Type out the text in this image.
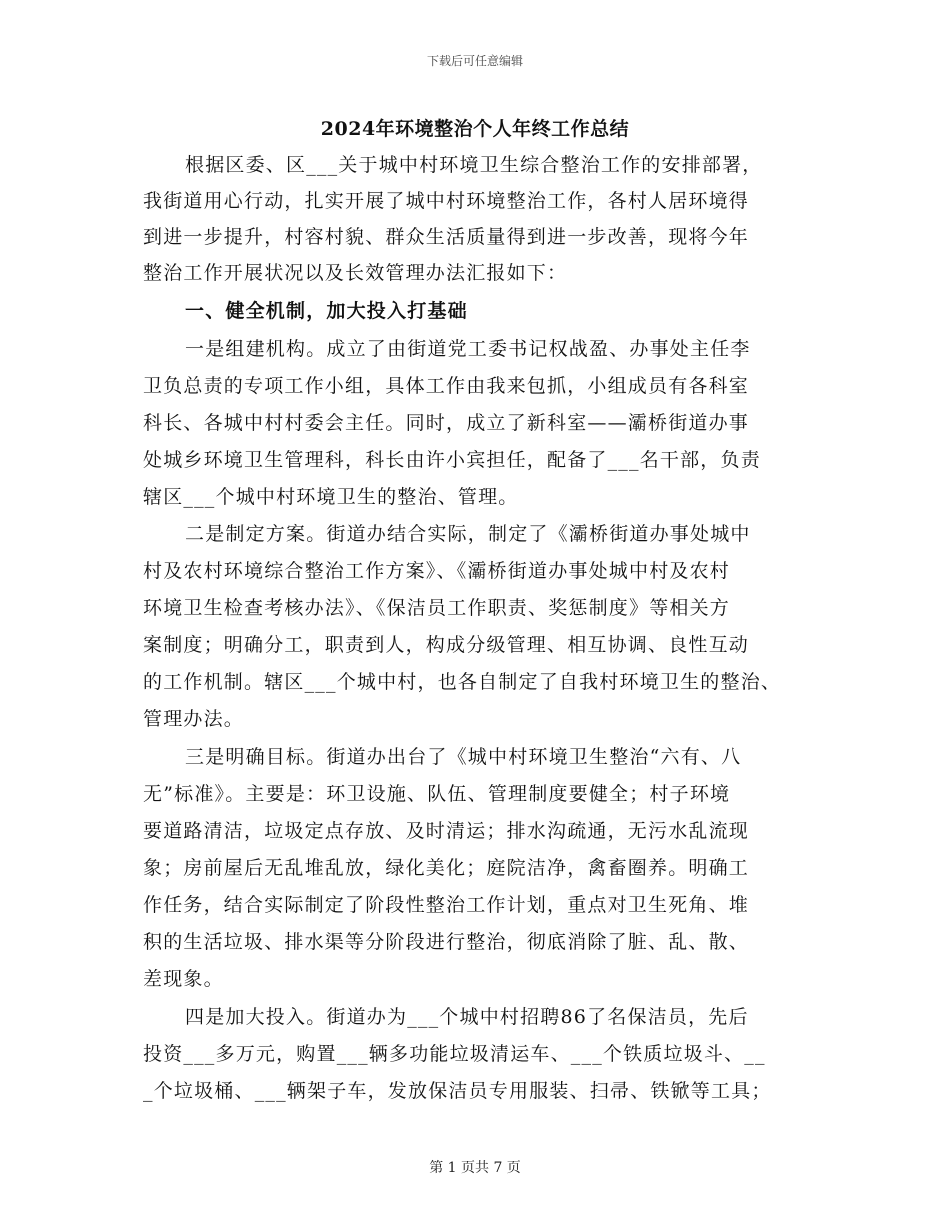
下载后可任意编辑
2024年环境整治个人年终工作总结
根据区委、区___关于城中村环境卫生综合整治工作的安排部署，
我街道用心行动，扎实开展了城中村环境整治工作，各村人居环境得
到进一步提升，村容村貌、群众生活质量得到进一步改善，现将今年
整治工作开展状况以及长效管理办法汇报如下：
一、健全机制，加大投入打基础
一是组建机构。成立了由街道党工委书记权战盈、办事处主任李
卫负总责的专项工作小组，具体工作由我来包抓，小组成员有各科室
科长、各城中村村委会主任。同时，成立了新科室——灞桥街道办事
处城乡环境卫生管理科，科长由许小宾担任，配备了___名干部，负责
辖区___个城中村环境卫生的整治、管理。
二是制定方案。街道办结合实际，制定了《灞桥街道办事处城中
村及农村环境综合整治工作方案》、《灞桥街道办事处城中村及农村
环境卫生检查考核办法》、《保洁员工作职责、奖惩制度》等相关方
案制度；明确分工，职责到人，构成分级管理、相互协调、良性互动
的工作机制。辖区___个城中村，也各自制定了自我村环境卫生的整治、
管理办法。
三是明确目标。街道办出台了《城中村环境卫生整治“六有、八
无”标准》。主要是：环卫设施、队伍、管理制度要健全；村子环境
要道路清洁，垃圾定点存放、及时清运；排水沟疏通，无污水乱流现
象；房前屋后无乱堆乱放，绿化美化；庭院洁净，禽畜圈养。明确工
作任务，结合实际制定了阶段性整治工作计划，重点对卫生死角、堆
积的生活垃圾、排水渠等分阶段进行整治，彻底消除了脏、乱、散、
差现象。
四是加大投入。街道办为___个城中村招聘86了名保洁员，先后
投资___多万元，购置___辆多功能垃圾清运车、___个铁质垃圾斗、__
_个垃圾桶、___辆架子车，发放保洁员专用服装、扫帚、铁锨等工具；
第 1 页共 7 页
